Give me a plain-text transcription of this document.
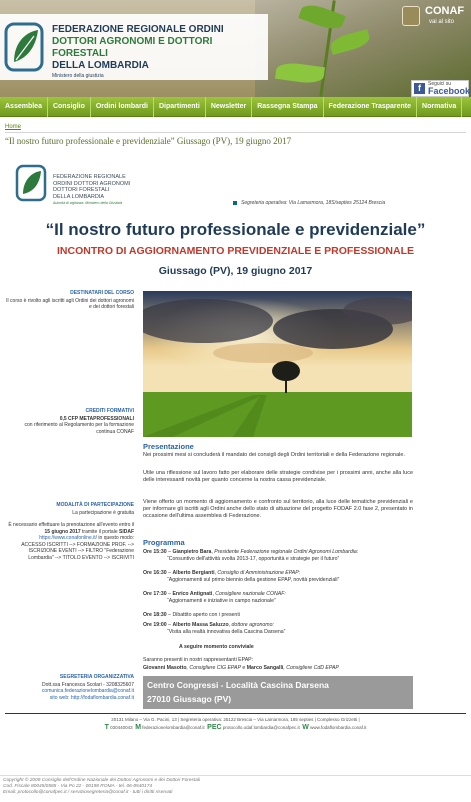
FEDERAZIONE REGIONALE ORDINI
DOTTORI AGRONOMI E DOTTORI FORESTALI
DELLA LOMBARDIA
Ministero della giustizia
CONAF
vai al sito
f	Seguici su
Facebook
Assemblea	Consiglio	Ordini lombardi	Dipartimenti	Newsletter	Rassegna Stampa	Federazione Trasparente	Normativa
Home
“Il nostro futuro professionale e previdenziale” Giussago (PV), 19 giugno 2017
FEDERAZIONE REGIONALE
ORDINI DOTTORI AGRONOMI
DOTTORI FORESTALI
DELLA LOMBARDIA
Autorità di vigilanza: Ministero della Giustizia	Segreteria operativa: Via Lamarmora, 18S/septies 25124 Brescia
“Il nostro futuro professionale e previdenziale”
INCONTRO DI AGGIORNAMENTO PREVIDENZIALE E PROFESSIONALE
Giussago (PV), 19 giugno 2017
DESTINATARI DEL CORSO
Il corso è rivolto agli iscritti agli Ordini dei dottori agronomi e dei dottori forestali
CREDITI FORMATIVI
0,5 CFP METAPROFESSIONALI
con riferimento al Regolamento per la formazione continua CONAF
MODALITÀ DI PARTECIPAZIONE
La partecipazione è gratuita
È necessario effettuare la prenotazione all'evento entro il 15 giugno 2017 tramite il portale SIDAF https://www.conafonline.it/ in questo modo:
ACCESSO ISCRITTI --> FORMAZIONE PROF. --> ISCRIZIONE EVENTI --> FILTRO "Federazione Lombardia" --> TITOLO EVENTO --> ISCRIVITI
SEGRETERIA ORGANIZZATIVA
Dott.ssa Francesca Scolari - 3208325607
comunica.federazionelombardia@conaf.it
sito web: http://fodaflombardia.conaf.it
Presentazione
Nei prossimi mesi si concluderà il mandato dei consigli degli Ordini territoriali e della Federazione regionale.
Utile una riflessione sul lavoro fatto per elaborare delle strategie condivise per i prossimi anni, anche alla luce delle interessanti novità per quanto concerne la nostra cassa previdenziale.
Viene offerto un momento di aggiornamento e confronto sul territorio, alla luce delle tematiche previdenziali e per informare gli iscritti agli Ordini anche dello stato di attuazione del progetto FODAF 2.0 fase 2, presentato in occasione dell'ultima assemblea di Federazione.
Programma
Ore 15:30 – Gianpietro Bara, Presidente Federazione regionale Ordini Agronomi Lombardia:
“Consuntivo dell'attività svolta 2013-17, opportunità e strategie per il futuro”
Ore 16:30 – Alberto Bergianti, Consiglio di Amministrazione EPAP:
“Aggiornamenti sul primo biennio della gestione EPAP, novità previdenziali”
Ore 17:30 – Enrico Antignati, Consigliere nazionale CONAF:
“Aggiornamenti e iniziative in campo nazionale”
Ore 18:30 – Dibattito aperto con i presenti
Ore 19:00 – Alberto Massa Saluzzo, dottore agronomo:
“Visita alla realtà innovativa della Cascina Darsena”
A seguire momento conviviale
Saranno presenti in nostri rappresentanti EPAP:
Giovanni Masotto, Consigliere CIG EPAP e Marco Sangalli, Consigliere CdD EPAP
Centro Congressi - Località Cascina Darsena
27010 Giussago (PV)
20131 Milano – Via G. Pacini, 13 | Segreteria operativa: 25122 Brescia – Via Lamarmora, 185 septies | Complesso Grizzetti |
T 030440043 M federazionelombardia@conaf.it PEC protocollo.odaf.lombardia@conafpec.it W www.fodaflombardia.conaf.it
Copyright © 2009 Consiglio dell'Ordine Nazionale dei Dottori Agronomi e dei Dottori Forestali
Cod. Fiscale 80045/0585 - Via Po 22 - 00198 ROMA - tel. 06-8540174
Email: protocollo@conafpec.it / serviziosegreteria@conaf.it - tutti i diritti riservati
